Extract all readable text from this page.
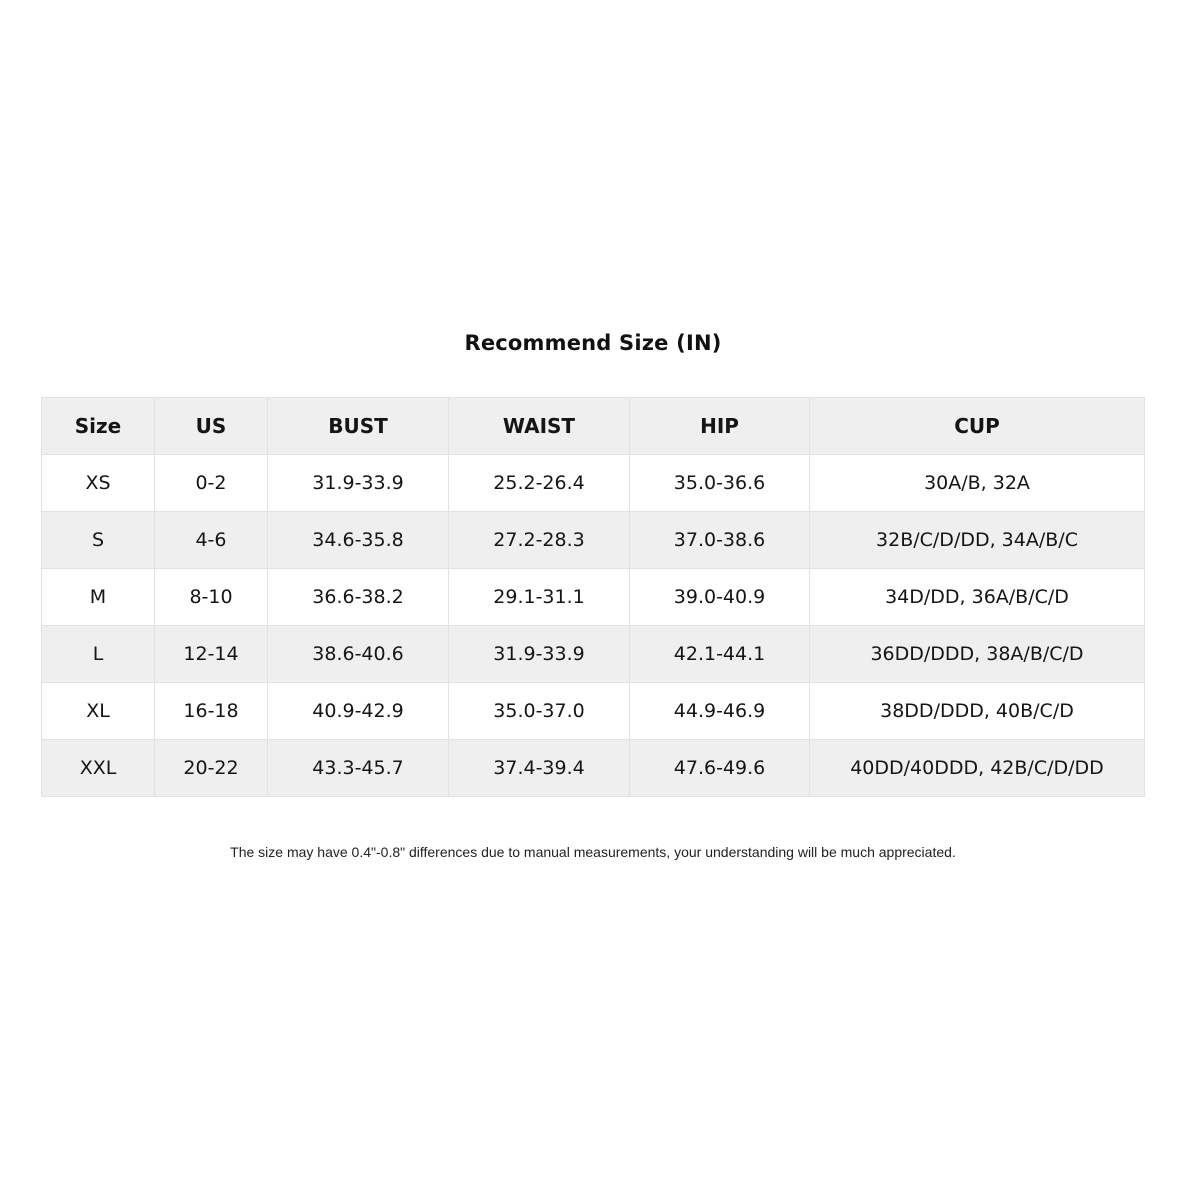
Recommend Size (IN)
Size	US	BUST	WAIST	HIP	CUP
XS	0-2	31.9-33.9	25.2-26.4	35.0-36.6	30A/B, 32A
S	4-6	34.6-35.8	27.2-28.3	37.0-38.6	32B/C/D/DD, 34A/B/C
M	8-10	36.6-38.2	29.1-31.1	39.0-40.9	34D/DD, 36A/B/C/D
L	12-14	38.6-40.6	31.9-33.9	42.1-44.1	36DD/DDD, 38A/B/C/D
XL	16-18	40.9-42.9	35.0-37.0	44.9-46.9	38DD/DDD, 40B/C/D
XXL	20-22	43.3-45.7	37.4-39.4	47.6-49.6	40DD/40DDD, 42B/C/D/DD
The size may have 0.4"-0.8" differences due to manual measurements, your understanding will be much appreciated.
